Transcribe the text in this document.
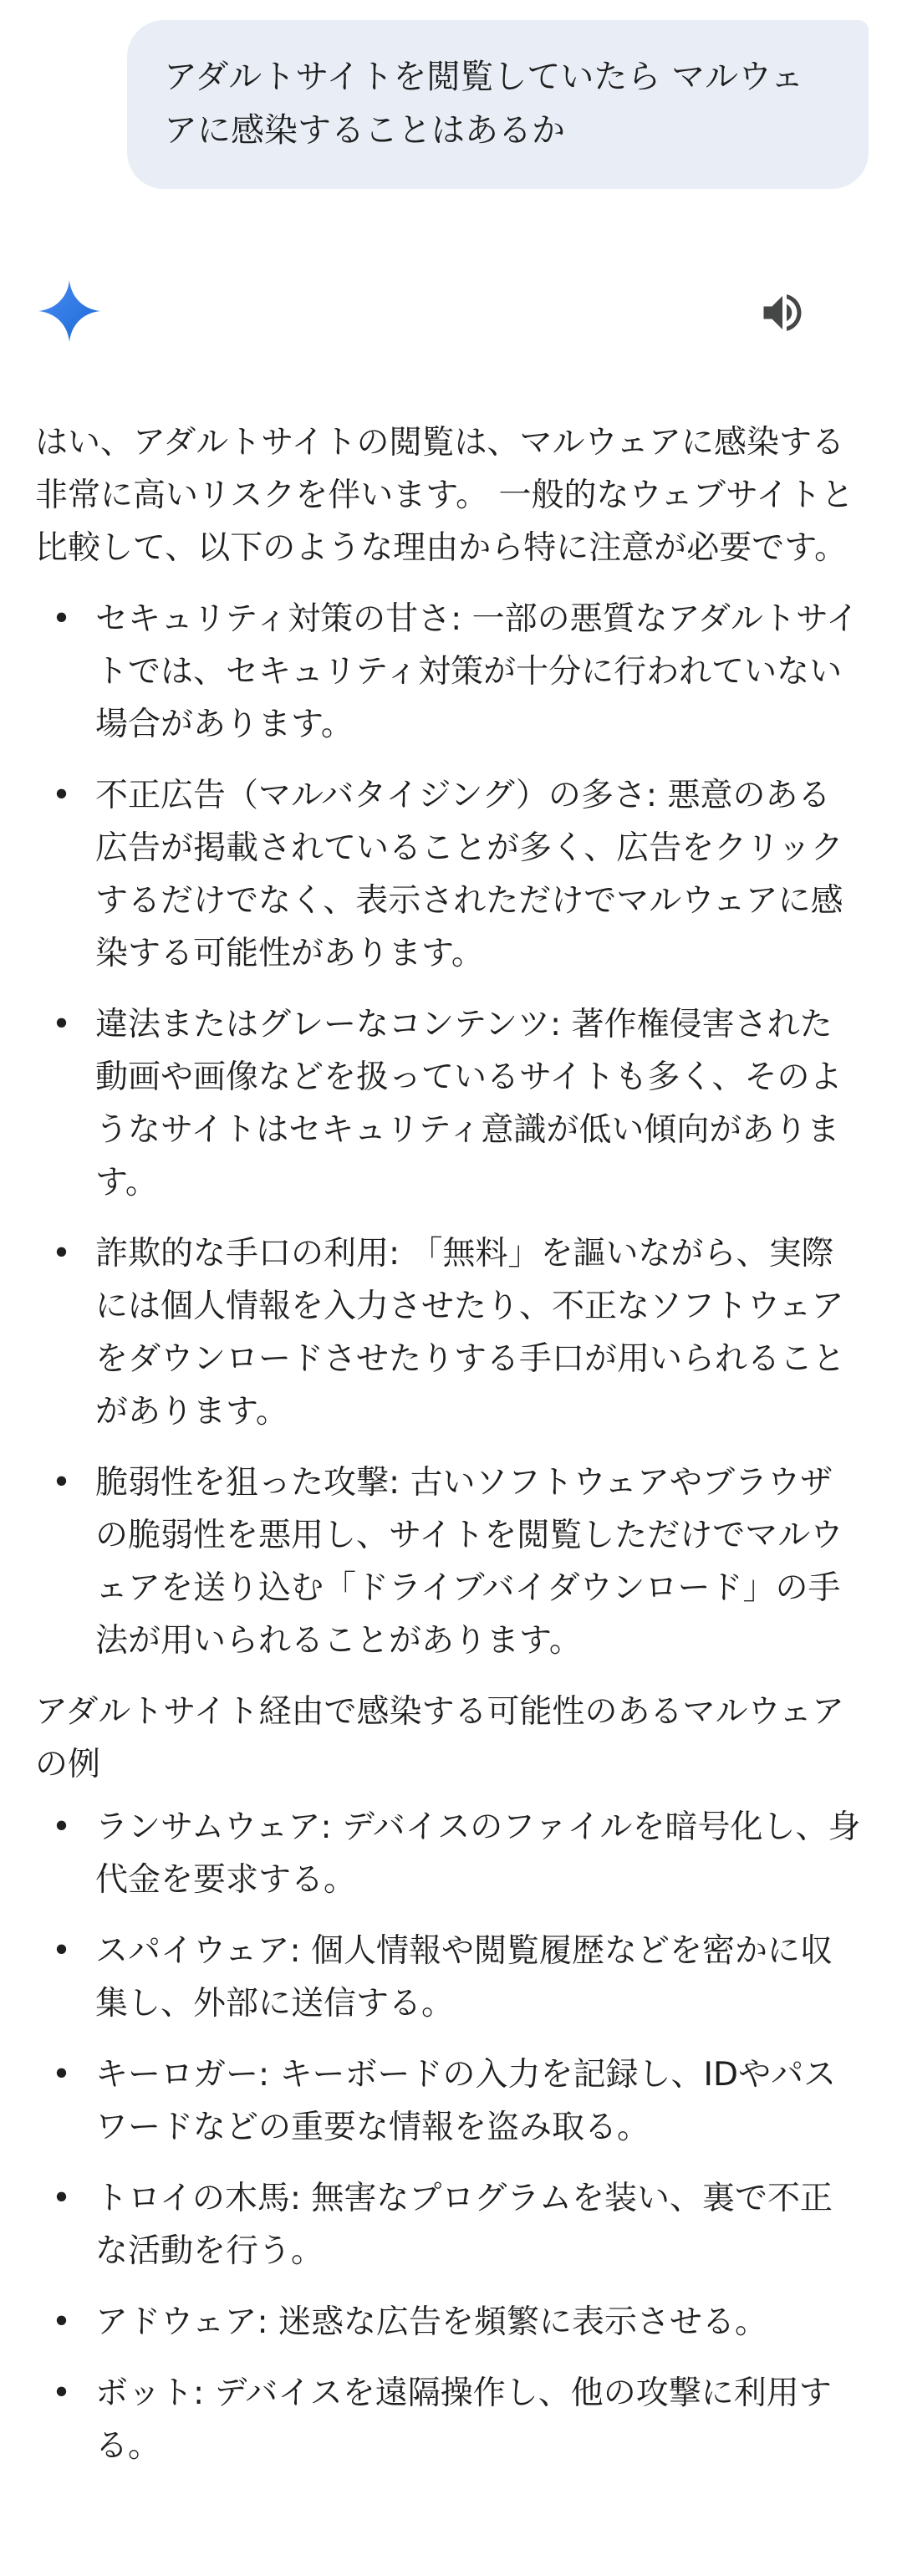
アダルトサイトを閲覧していたら マルウェアに感染することはあるか

はい、アダルトサイトの閲覧は、マルウェアに感染する非常に高いリスクを伴います。 一般的なウェブサイトと比較して、以下のような理由から特に注意が必要です。

• セキュリティ対策の甘さ: 一部の悪質なアダルトサイトでは、セキュリティ対策が十分に行われていない場合があります。
• 不正広告（マルバタイジング）の多さ: 悪意のある広告が掲載されていることが多く、広告をクリックするだけでなく、表示されただけでマルウェアに感染する可能性があります。
• 違法またはグレーなコンテンツ: 著作権侵害された動画や画像などを扱っているサイトも多く、そのようなサイトはセキュリティ意識が低い傾向があります。
• 詐欺的な手口の利用: 「無料」を謳いながら、実際には個人情報を入力させたり、不正なソフトウェアをダウンロードさせたりする手口が用いられることがあります。
• 脆弱性を狙った攻撃: 古いソフトウェアやブラウザの脆弱性を悪用し、サイトを閲覧しただけでマルウェアを送り込む「ドライブバイダウンロード」の手法が用いられることがあります。

アダルトサイト経由で感染する可能性のあるマルウェアの例

• ランサムウェア: デバイスのファイルを暗号化し、身代金を要求する。
• スパイウェア: 個人情報や閲覧履歴などを密かに収集し、外部に送信する。
• キーロガー: キーボードの入力を記録し、IDやパスワードなどの重要な情報を盗み取る。
• トロイの木馬: 無害なプログラムを装い、裏で不正な活動を行う。
• アドウェア: 迷惑な広告を頻繁に表示させる。
• ボット: デバイスを遠隔操作し、他の攻撃に利用する。
